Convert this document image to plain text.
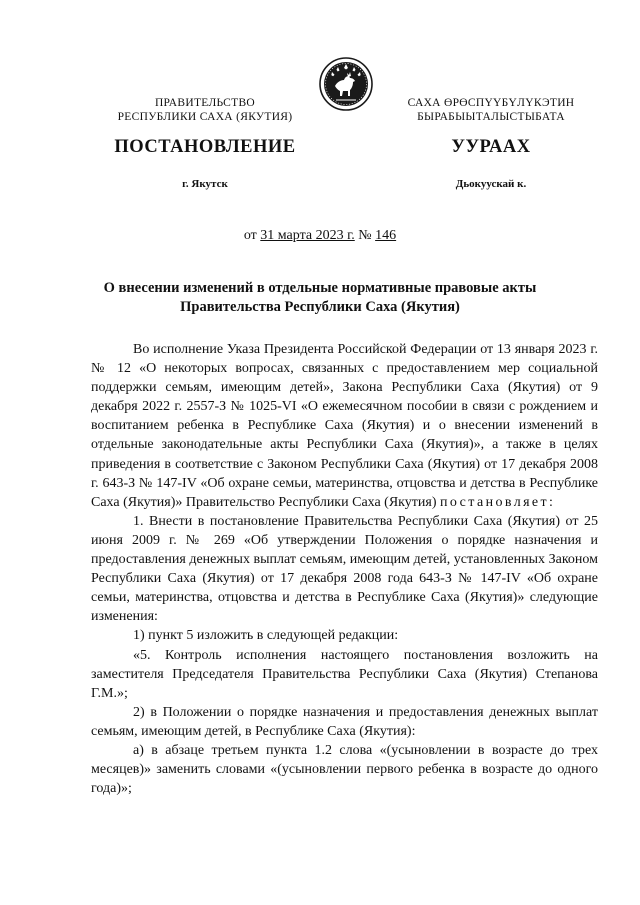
ПРАВИТЕЛЬСТВО
РЕСПУБЛИКИ САХА (ЯКУТИЯ)
САХА ӨРӨСПҮҮБҮЛҮКЭТИН
БЫРАБЫЫТАЛЫСТЫБАТА
ПОСТАНОВЛЕНИЕ	УУРААХ
г. Якутск	Дьокуускай к.
от 31 марта 2023 г. № 146
О внесении изменений в отдельные нормативные правовые акты
Правительства Республики Саха (Якутия)

Во исполнение Указа Президента Российской Федерации от 13 января 2023 г. № 12 «О некоторых вопросах, связанных с предоставлением мер социальной поддержки семьям, имеющим детей», Закона Республики Саха (Якутия) от 9 декабря 2022 г. 2557-З № 1025-VI «О ежемесячном пособии в связи с рождением и воспитанием ребенка в Республике Саха (Якутия) и о внесении изменений в отдельные законодательные акты Республики Саха (Якутия)», а также в целях приведения в соответствие с Законом Республики Саха (Якутия) от 17 декабря 2008 г. 643-З № 147-IV «Об охране семьи, материнства, отцовства и детства в Республике Саха (Якутия)» Правительство Республики Саха (Якутия) постановляет:

1. Внести в постановление Правительства Республики Саха (Якутия) от 25 июня 2009 г. № 269 «Об утверждении Положения о порядке назначения и предоставления денежных выплат семьям, имеющим детей, установленных Законом Республики Саха (Якутия) от 17 декабря 2008 года 643-З № 147-IV «Об охране семьи, материнства, отцовства и детства в Республике Саха (Якутия)» следующие изменения:

1) пункт 5 изложить в следующей редакции:

«5. Контроль исполнения настоящего постановления возложить на заместителя Председателя Правительства Республики Саха (Якутия) Степанова Г.М.»;

2) в Положении о порядке назначения и предоставления денежных выплат семьям, имеющим детей, в Республике Саха (Якутия):

а) в абзаце третьем пункта 1.2 слова «(усыновлении в возрасте до трех месяцев)» заменить словами «(усыновлении первого ребенка в возрасте до одного года)»;
